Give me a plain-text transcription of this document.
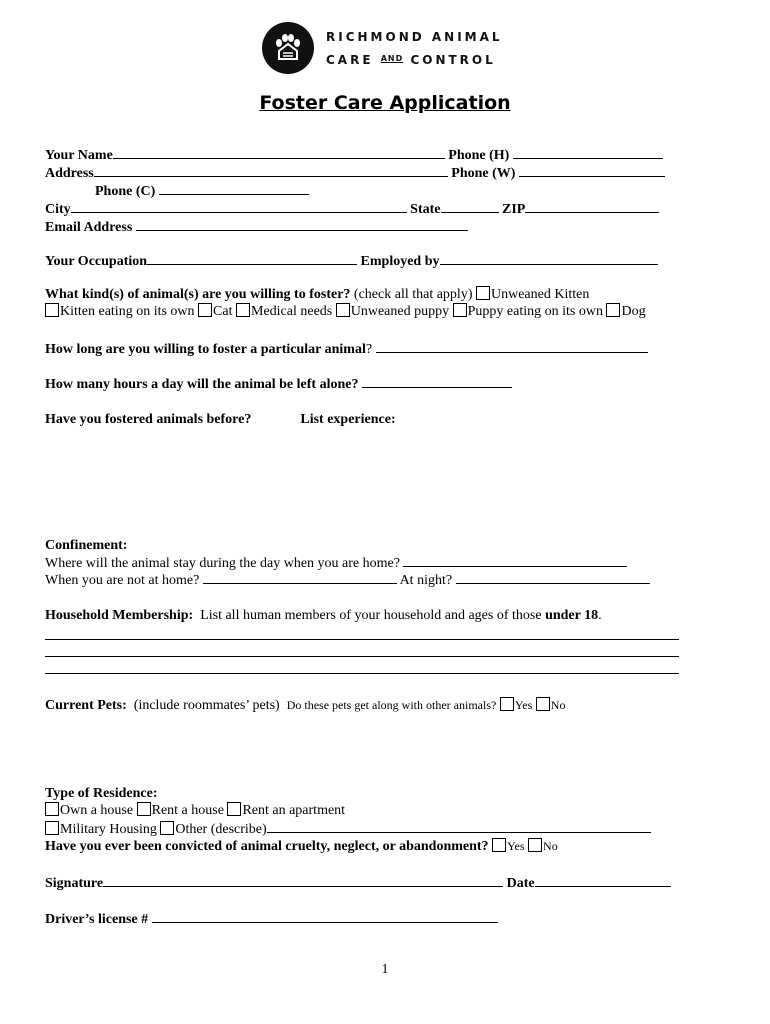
RICHMOND ANIMAL
CARE $^{AND}$ CONTROL
Foster Care Application
Your Name	Phone (H)
Address	Phone (W)
Phone (C)
City	State	ZIP
Email Address
Your Occupation	Employed by
What kind(s) of animal(s) are you willing to foster? (check all that apply) Unweaned Kitten
Kitten eating on its own Cat Medical needs Unweaned puppy Puppy eating on its own Dog
How long are you willing to foster a particular animal?
How many hours a day will the animal be left alone?
Have you fostered animals before?	List experience:
Confinement:
Where will the animal stay during the day when you are home?
When you are not at home?	At night?
Household Membership: List all human members of your household and ages of those under 18.
Current Pets: (include roommates’ pets) Do these pets get along with other animals? Yes No
Type of Residence:
Own a house Rent a house Rent an apartment
Military Housing Other (describe)
Have you ever been convicted of animal cruelty, neglect, or abandonment? Yes No
Signature	Date
Driver’s license #
1
